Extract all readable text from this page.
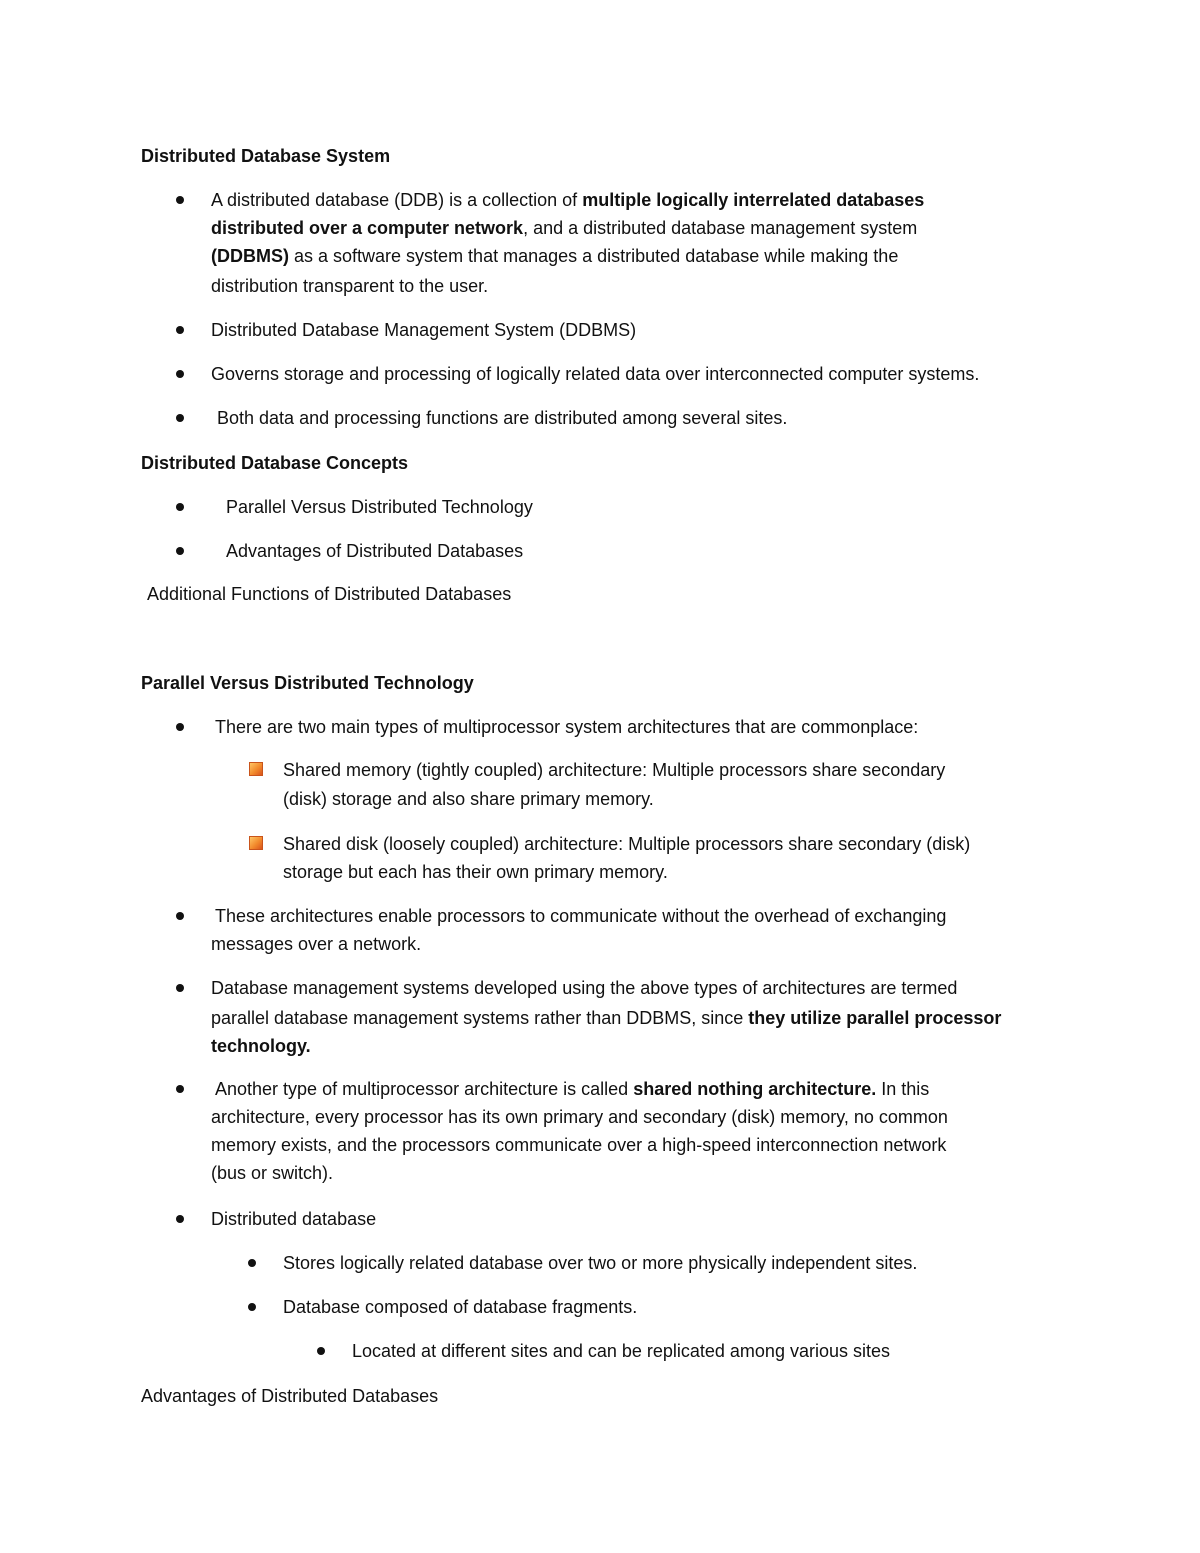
Distributed Database System
A distributed database (DDB) is a collection of multiple logically interrelated databases
distributed over a computer network, and a distributed database management system
(DDBMS) as a software system that manages a distributed database while making the
distribution transparent to the user.
Distributed Database Management System (DDBMS)
Governs storage and processing of logically related data over interconnected computer systems.
Both data and processing functions are distributed among several sites.
Distributed Database Concepts
Parallel Versus Distributed Technology
Advantages of Distributed Databases
Additional Functions of Distributed Databases
Parallel Versus Distributed Technology
There are two main types of multiprocessor system architectures that are commonplace:
Shared memory (tightly coupled) architecture: Multiple processors share secondary
(disk) storage and also share primary memory.
Shared disk (loosely coupled) architecture: Multiple processors share secondary (disk)
storage but each has their own primary memory.
These architectures enable processors to communicate without the overhead of exchanging
messages over a network.
Database management systems developed using the above types of architectures are termed
parallel database management systems rather than DDBMS, since they utilize parallel processor
technology.
Another type of multiprocessor architecture is called shared nothing architecture. In this
architecture, every processor has its own primary and secondary (disk) memory, no common
memory exists, and the processors communicate over a high-speed interconnection network
(bus or switch).
Distributed database
Stores logically related database over two or more physically independent sites.
Database composed of database fragments.
Located at different sites and can be replicated among various sites
Advantages of Distributed Databases
